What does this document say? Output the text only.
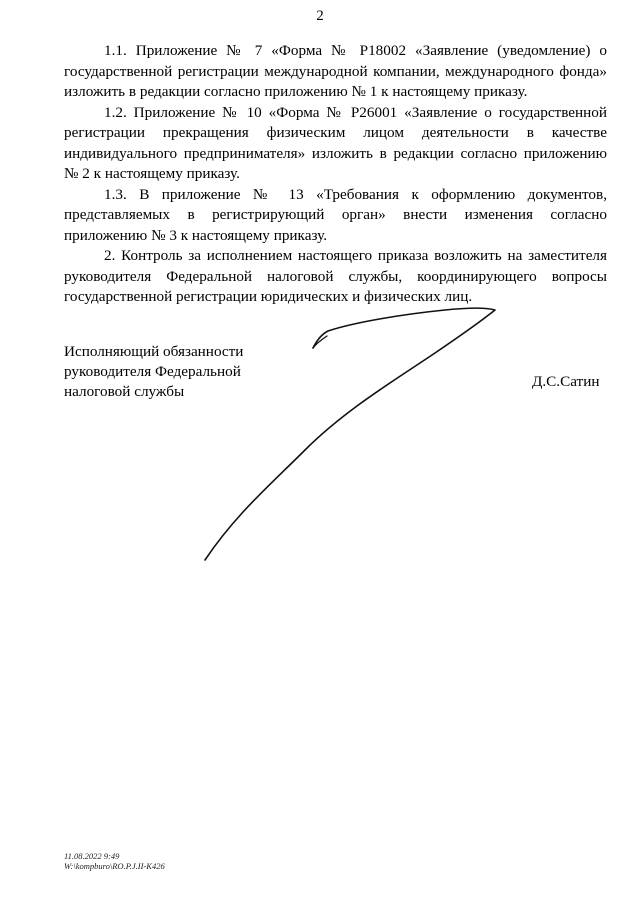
2

1.1. Приложение № 7 «Форма № Р18002 «Заявление (уведомление) о государственной регистрации международной компании, международного фонда» изложить в редакции согласно приложению № 1 к настоящему приказу.

1.2. Приложение № 10 «Форма № Р26001 «Заявление о государственной регистрации прекращения физическим лицом деятельности в качестве индивидуального предпринимателя» изложить в редакции согласно приложению № 2 к настоящему приказу.

1.3. В приложение № 13 «Требования к оформлению документов, представляемых в регистрирующий орган» внести изменения согласно приложению № 3 к настоящему приказу.

2. Контроль за исполнением настоящего приказа возложить на заместителя руководителя Федеральной налоговой службы, координирующего вопросы государственной регистрации юридических и физических лиц.

Исполняющий обязанности
руководителя Федеральной
налоговой службы
Д.С.Сатин
11.08.2022 9:49
W:\kompburo\RO.P.J.II-K426
